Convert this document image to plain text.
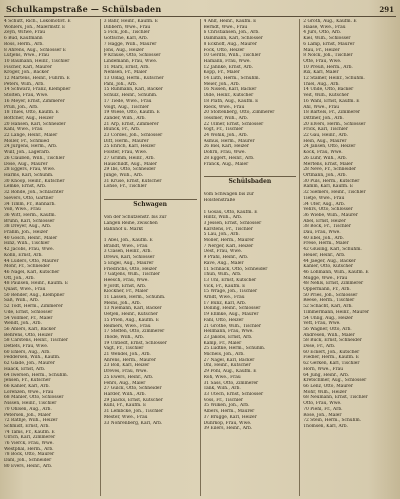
Schulkampstraße — Schülsbaden	291
4 Schütt, Rich., Lokomotivf. E
Wohlers, Joh., Malermstr. E
Zeyn, Witwe, Frau
6 Bud, Kaufmann
Ross, Herm., Arb.
8 Ahrens, Aug., Schlosser E
Lütjens, Wwe., Frau
10 Baumann, Heinr., Tischler
Fischer, Karl, Maurer
Kröger, Joh., Bäcker
12 Martens, Heinr., Fuhrm. E
Peters, Wilh., Arb.
14 Schwarz, Franz, Klempner
Stolten, Frau, Wwe.
16 Meyer, Ernst, Zimmerer
Prüß, Joh., Arb.
18 Thies, Otto, Kaufm. E
Böttcher, Aug., Heizer
20 Hansen, Karl, Schneider
Kahl, Wwe., Frau
22 Lange, Heinr., Maler
Möller, Fr., Schmied
24 Jürgens, Herm., Arb.
Wulf, Joh., Lagerarb.
26 Claußen, Wilh., Tischler
Dose, Aug., Maurer
28 Eggers, Frau, Wwe.
Harms, Karl, Schuhm.
30 Knoop, Heinr., Kutscher
Lemke, Ernst, Arb.
32 Rohde, Joh., Schlachter
Sievers, Otto, Gärtner
34 Timm, Fr., Bahnarb.
Voß, Wwe., Frau
36 Witt, Herm., Kaufm.
Bruhn, Karl, Schlosser
38 Dreyer, Aug., Arb.
Frahm, Joh., Heizer
40 Gosch, Heinr., Maler
Hinz, Wilh., Tischler
42 Jacobs, Frau, Wwe.
Köhn, Ernst, Arb.
44 Lüders, Otto, Maurer
Mohr, Fr., Schneider
46 Nagel, Karl, Kutscher
Ott, Joh., Arb.
48 Paulsen, Heinr., Kaufm. E
Quast, Wwe., Frau
50 Rehder, Aug., Klempner
Saß, Wilh., Arb.
52 Tödt, Herm., Zimmerer
Ude, Ernst, Schlosser
54 Vollmer, Fr., Maler
Wendt, Joh., Arb.
56 Ahlers, Karl, Bäcker
Behrens, Otto, Heizer
58 Carstens, Heinr., Tischler
Detlefs, Frau, Wwe.
60 Ehlers, Aug., Arb.
Feddersen, Wilh., Kaufm.
62 Glade, Joh., Maurer
Haack, Ernst, Arb.
64 Iwersen, Herm., Schuhm.
Jensen, Fr., Kutscher
66 Kähler, Karl, Arb.
Lorenzen, Wwe., Frau
68 Mahler, Otto, Schlosser
Nissen, Heinr., Tischler
70 Ohlsen, Aug., Arb.
Petersen, Joh., Maler
72 Rathje, Wilh., Heizer
Schmidt, Ernst, Arb.
74 Tams, Fr., Kaufm. E
Ulrich, Karl, Zimmerer
76 Vierck, Frau, Wwe.
Westphal, Herm., Arb.
78 Bock, Otto, Maurer
Dahl, Joh., Schneider
80 Evers, Heinr., Arb.
3 Bahr, Heinr., Kaufm. E
Dibbern, Wwe., Frau
5 Fick, Joh., Tischler
Göttsche, Karl, Arb.
7 Hagge, Wilh., Maurer
Jöns, Aug., Heizer
9 Krause, Otto, Schlosser
Lindemann, Frau, Wwe.
11 Marx, Ernst, Arb.
Nehlsen, Fr., Maler
13 Oldag, Herm., Kutscher
Pahl, Joh., Arb.
15 Rühmann, Karl, Bäcker
Schulz, Heinr., Schuhm.
17 Tiede, Wwe., Frau
Voigt, Aug., Tischler
19 Wiese, Otto, Kaufm. E
Zander, Wilh., Arb.
21 Arp, Ernst, Zimmerer
Blunck, Fr., Arb.
23 Cordes, Joh., Schlosser
Ditt, Herm., Maurer
25 Ehrich, Karl, Heizer
Fölster, Frau, Wwe.
27 Grimm, Heinr., Arb.
Hauschildt, Aug., Maler
29 Ibs, Otto, Schneider
Junge, Wilh., Arb.
31 Kruse, Ernst, Kutscher
Lohse, Fr., Tischler

Schwagen

Von der Schützenstr. bis zur
Langen Reihe, zwischen
Bahnhof u. Markt

1 Abel, Joh., Kaufm. E
Brandt, Wwe., Frau
3 Clasen, Heinr., Arb.
Drews, Karl, Schlosser
5 Engel, Aug., Maurer
Friedrichs, Otto, Heizer
7 Gätjens, Wilh., Tischler
Heesch, Frau, Wwe.
9 Jordt, Ernst, Arb.
Klöckner, Fr., Maler
11 Lassen, Herm., Schuhm.
Meins, Joh., Arb.
13 Niemann, Karl, Bäcker
Oetjen, Heinr., Kutscher
15 Prien, Aug., Kaufm. E
Reimers, Wwe., Frau
17 Steffen, Otto, Zimmerer
Thode, Wilh., Arb.
19 Untiedt, Ernst, Schlosser
Vagt, Fr., Tischler
21 Wendel, Joh., Arb.
Ahrens, Herm., Maurer
23 Boll, Karl, Heizer
Dreves, Frau, Wwe.
25 Ewers, Heinr., Arb.
Fehrs, Aug., Maler
27 Gülck, Otto, Schneider
Harder, Wilh., Arb.
29 Jaacks, Ernst, Kutscher
Kühl, Fr., Kaufm. E
31 Lembcke, Joh., Tischler
Mester, Wwe., Frau
33 Nöhrenberg, Karl, Arb.
4 Ahlf, Heinr., Kaufm. E
Berndt, Wwe., Frau
6 Christiansen, Joh., Arb.
Dammann, Karl, Schlosser
8 Eckhoff, Aug., Maurer
Fock, Otto, Heizer
10 Gerdts, Wilh., Tischler
Hamann, Frau, Wwe.
12 Jahnke, Ernst, Arb.
Kopp, Fr., Maler
14 Lüth, Herm., Schuhm.
Meier, Joh., Arb.
16 Nissen, Karl, Bäcker
Olde, Heinr., Kutscher
18 Plath, Aug., Kaufm. E
Rieck, Wwe., Frau
20 Stoltenberg, Otto, Zimmerer
Tessmer, Wilh., Arb.
22 Ulmer, Ernst, Schlosser
Vogt, Fr., Tischler
24 Wöhlk, Joh., Arb.
Asmus, Herm., Maurer
26 Biel, Karl, Heizer
Dohrn, Frau, Wwe.
28 Eggert, Heinr., Arb.
Franck, Aug., Maler

Schülsbaden

Vom Schwagen bis zur
Holstenstraße

1 Gosau, Otto, Kaufm. E
Hintz, Wilh., Arb.
3 Jessen, Ernst, Schlosser
Karstens, Fr., Tischler
5 Lau, Joh., Arb.
Möller, Herm., Maurer
7 Nerger, Karl, Heizer
Oest, Frau, Wwe.
9 Prahl, Heinr., Arb.
Rave, Aug., Maler
11 Schnack, Otto, Schneider
Thun, Wilh., Arb.
13 Uhl, Ernst, Kutscher
Vick, Fr., Kaufm. E
15 Wrage, Joh., Tischler
Arndt, Wwe., Frau
17 Bünz, Karl, Arb.
Dölling, Heinr., Schlosser
19 Ehmke, Aug., Maurer
Fahl, Otto, Heizer
21 Grothe, Wilh., Tischler
Hellmann, Frau, Wwe.
23 Jakobs, Ernst, Arb.
Kamp, Fr., Maler
25 Lüdtke, Herm., Schuhm.
Michels, Joh., Arb.
27 Nagel, Karl, Bäcker
Ohl, Heinr., Kutscher
29 Pohl, Aug., Kaufm. E
Röh, Wwe., Frau
31 Sass, Otto, Zimmerer
Tank, Wilh., Arb.
33 Utech, Ernst, Schlosser
Voss, Fr., Tischler
35 Wilken, Joh., Arb.
Albers, Herm., Maurer
37 Brügge, Karl, Heizer
Dührkop, Frau, Wwe.
39 Eilers, Heinr., Arb.
2 Groth, Aug., Kaufm. E
Haase, Wwe., Frau
4 Jürs, Otto, Arb.
Kiel, Wilh., Schlosser
6 Lamp, Ernst, Maurer
Mau, Fr., Heizer
8 Nölck, Joh., Tischler
Otte, Frau, Wwe.
10 Preuß, Herm., Arb.
Rix, Karl, Maler
12 Stamer, Heinr., Schuhm.
Thiel, Aug., Arb.
14 Uhde, Otto, Bäcker
Veit, Wilh., Kutscher
16 Wahl, Ernst, Kaufm. E
Ahl, Wwe., Frau
18 Bartels, Fr., Zimmerer
Dittmer, Joh., Arb.
20 Elvers, Herm., Schlosser
Frick, Karl, Tischler
22 Gau, Heinr., Arb.
Hein, Aug., Maurer
24 Jansen, Otto, Heizer
Kock, Frau, Wwe.
26 Lühr, Wilh., Arb.
Mertens, Ernst, Maler
28 Neve, Fr., Schneider
Ortmann, Joh., Arb.
30 Puls, Herm., Kutscher
Ramm, Karl, Kaufm. E
32 Siemers, Heinr., Tischler
Tietje, Wwe., Frau
34 Ufer, Aug., Arb.
Vehrs, Otto, Schlosser
36 Wiebe, Wilh., Maurer
Abel, Ernst, Heizer
38 Bock, Fr., Tischler
Dau, Frau, Wwe.
40 Ebel, Joh., Arb.
Frese, Herm., Maler
42 Glüsing, Karl, Schuhm.
Heuer, Heinr., Arb.
44 Jaeger, Aug., Bäcker
Kähler, Otto, Kutscher
46 Lohmann, Wilh., Kaufm. E
Mügge, Wwe., Frau
48 Nehls, Ernst, Zimmerer
Oppermann, Fr., Arb.
50 Pries, Joh., Schlosser
Reese, Herm., Tischler
52 Schacht, Karl, Arb.
Timmermann, Heinr., Maurer
54 Uhlig, Aug., Heizer
Vett, Frau, Wwe.
56 Wagner, Otto, Arb.
Andresen, Wilh., Maler
58 Buck, Ernst, Schneider
Dose, Fr., Arb.
60 Eckert, Joh., Kutscher
Fiedler, Herm., Kaufm. E
62 Gerken, Karl, Tischler
Horn, Wwe., Frau
64 Jung, Heinr., Arb.
Kretschmer, Aug., Schlosser
66 Lenz, Otto, Maurer
Mohr, Wilh., Heizer
68 Neumann, Ernst, Tischler
Otto, Frau, Wwe.
70 Piehl, Fr., Arb.
Rose, Joh., Maler
72 Stein, Herm., Schuhm.
Thomsen, Karl, Arb.
